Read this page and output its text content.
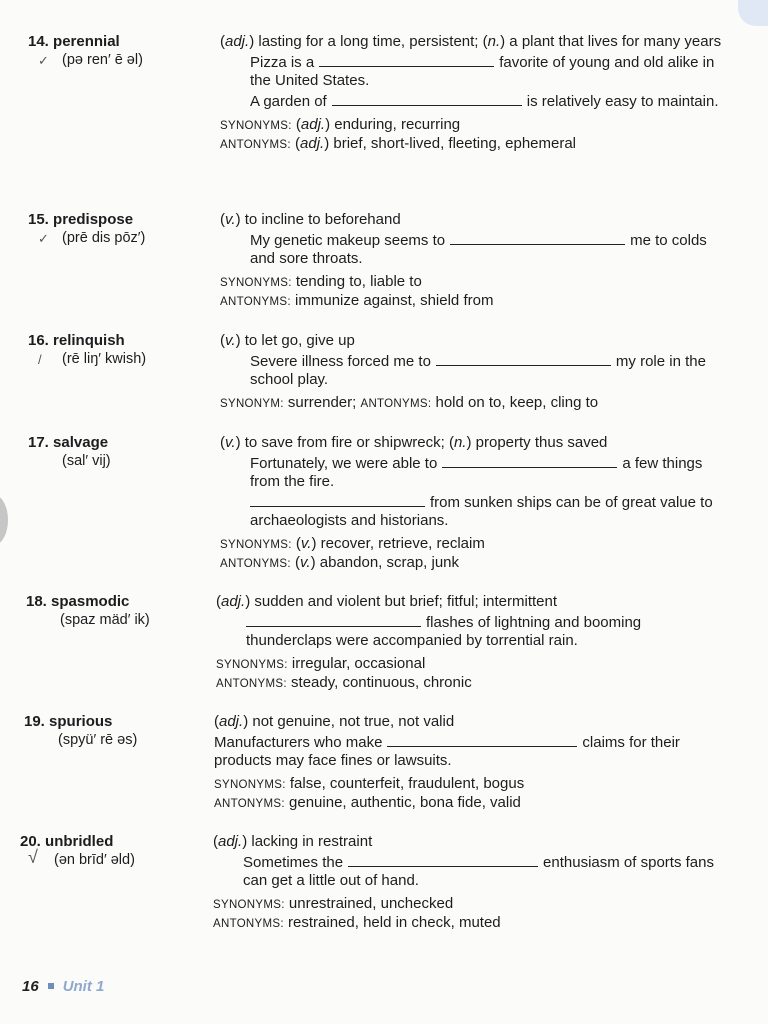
14. perennial
(pə ren′ ē əl)
✓
(adj.) lasting for a long time, persistent; (n.) a plant that lives for many years
Pizza is a	favorite of young and old alike in the United States.
A garden of	is relatively easy to maintain.
SYNONYMS: (adj.) enduring, recurring
ANTONYMS: (adj.) brief, short-lived, fleeting, ephemeral
15. predispose
(prē dis pōz′)
✓
(v.) to incline to beforehand
My genetic makeup seems to	me to colds and sore throats.
SYNONYMS: tending to, liable to
ANTONYMS: immunize against, shield from
16. relinquish
(rē liŋ′ kwish)
/
(v.) to let go, give up
Severe illness forced me to	my role in the school play.
SYNONYM: surrender; ANTONYMS: hold on to, keep, cling to
17. salvage
(sal′ vij)
(v.) to save from fire or shipwreck; (n.) property thus saved
Fortunately, we were able to	a few things from the fire.
from sunken ships can be of great value to archaeologists and historians.
SYNONYMS: (v.) recover, retrieve, reclaim
ANTONYMS: (v.) abandon, scrap, junk
18. spasmodic
(spaz mäd′ ik)
(adj.) sudden and violent but brief; fitful; intermittent
flashes of lightning and booming thunderclaps were accompanied by torrential rain.
SYNONYMS: irregular, occasional
ANTONYMS: steady, continuous, chronic
19. spurious
(spyü′ rē əs)
(adj.) not genuine, not true, not valid
Manufacturers who make	claims for their products may face fines or lawsuits.
SYNONYMS: false, counterfeit, fraudulent, bogus
ANTONYMS: genuine, authentic, bona fide, valid
20. unbridled
(ən brīd′ əld)
√
(adj.) lacking in restraint
Sometimes the	enthusiasm of sports fans can get a little out of hand.
SYNONYMS: unrestrained, unchecked
ANTONYMS: restrained, held in check, muted
16 Unit 1
